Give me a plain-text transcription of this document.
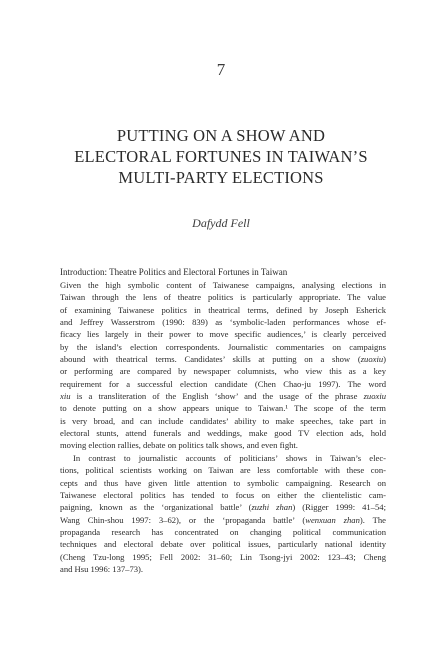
7
PUTTING ON A SHOW AND
ELECTORAL FORTUNES IN TAIWAN’S
MULTI-PARTY ELECTIONS
Dafydd Fell
Introduction: Theatre Politics and Electoral Fortunes in Taiwan

Given the high symbolic content of Taiwanese campaigns, analysing elections in
Taiwan through the lens of theatre politics is particularly appropriate. The value
of examining Taiwanese politics in theatrical terms, defined by Joseph Esherick
and Jeffrey Wasserstrom (1990: 839) as ‘symbolic-laden performances whose ef-
ficacy lies largely in their power to move specific audiences,’ is clearly perceived
by the island’s election correspondents. Journalistic commentaries on campaigns
abound with theatrical terms. Candidates’ skills at putting on a show (zuoxiu)
or performing are compared by newspaper columnists, who view this as a key
requirement for a successful election candidate (Chen Chao-ju 1997). The word
xiu is a transliteration of the English ‘show’ and the usage of the phrase zuoxiu
to denote putting on a show appears unique to Taiwan.¹ The scope of the term
is very broad, and can include candidates’ ability to make speeches, take part in
electoral stunts, attend funerals and weddings, make good TV election ads, hold
moving election rallies, debate on politics talk shows, and even fight.

In contrast to journalistic accounts of politicians’ shows in Taiwan’s elec-
tions, political scientists working on Taiwan are less comfortable with these con-
cepts and thus have given little attention to symbolic campaigning. Research on
Taiwanese electoral politics has tended to focus on either the clientelistic cam-
paigning, known as the ‘organizational battle’ (zuzhi zhan) (Rigger 1999: 41–54;
Wang Chin-shou 1997: 3–62), or the ‘propaganda battle’ (wenxuan zhan). The
propaganda research has concentrated on changing political communication
techniques and electoral debate over political issues, particularly national identity
(Cheng Tzu-long 1995; Fell 2002: 31–60; Lin Tsong-jyi 2002: 123–43; Cheng
and Hsu 1996: 137–73).
